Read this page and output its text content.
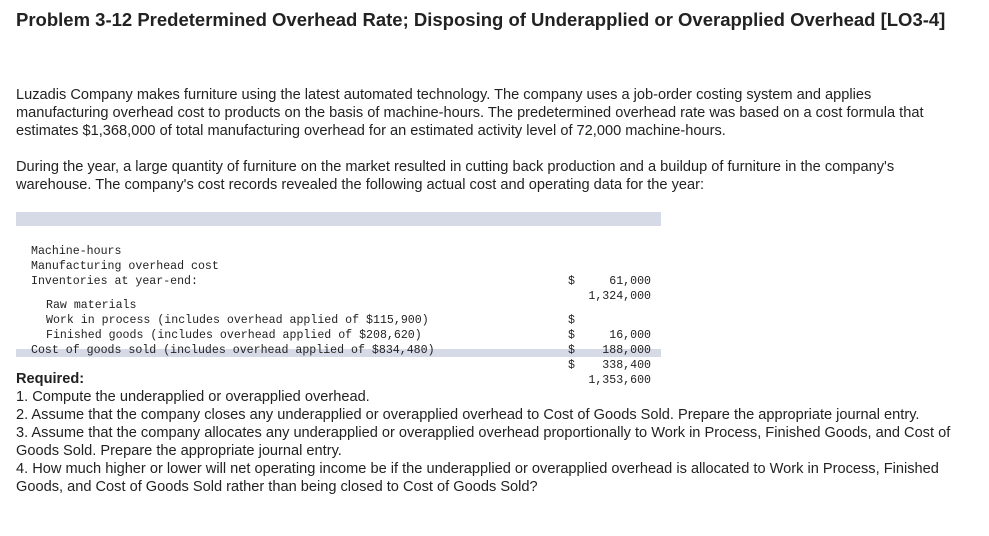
Problem 3-12 Predetermined Overhead Rate; Disposing of Underapplied or Overapplied Overhead [LO3-4]

Luzadis Company makes furniture using the latest automated technology. The company uses a job-order costing system and applies manufacturing overhead cost to products on the basis of machine-hours. The predetermined overhead rate was based on a cost formula that estimates $1,368,000 of total manufacturing overhead for an estimated activity level of 72,000 machine-hours.

During the year, a large quantity of furniture on the market resulted in cutting back production and a buildup of furniture in the company's warehouse. The company's cost records revealed the following actual cost and operating data for the year:

Machine-hours

61,000

Manufacturing overhead cost

$

1,324,000

Inventories at year-end:

Raw materials

$

16,000

Work in process (includes overhead applied of $115,900)

$

188,000

Finished goods (includes overhead applied of $208,620)

$

338,400

Cost of goods sold (includes overhead applied of $834,480)

$

1,353,600

Required:

1. Compute the underapplied or overapplied overhead.

2. Assume that the company closes any underapplied or overapplied overhead to Cost of Goods Sold. Prepare the appropriate journal entry.

3. Assume that the company allocates any underapplied or overapplied overhead proportionally to Work in Process, Finished Goods, and Cost of Goods Sold. Prepare the appropriate journal entry.

4. How much higher or lower will net operating income be if the underapplied or overapplied overhead is allocated to Work in Process, Finished Goods, and Cost of Goods Sold rather than being closed to Cost of Goods Sold?
